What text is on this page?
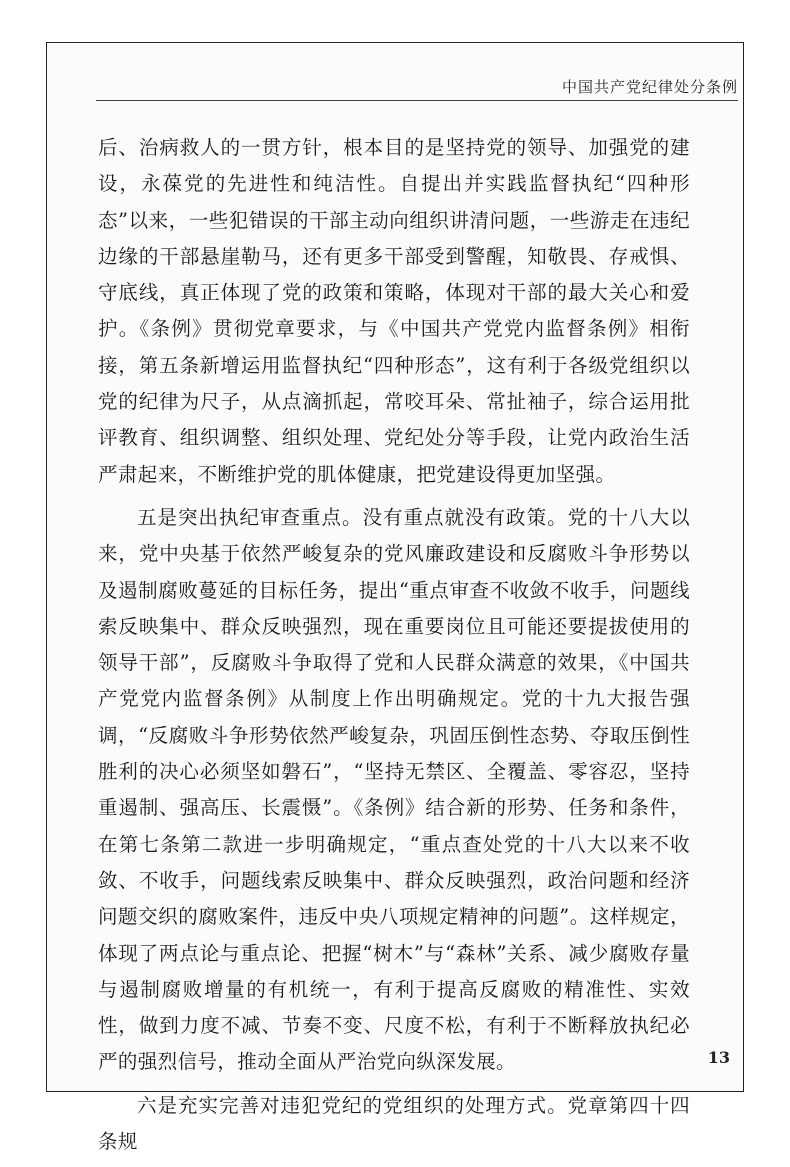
中国共产党纪律处分条例

后、治病救人的一贯方针，根本目的是坚持党的领导、加强党的建设，永葆党的先进性和纯洁性。自提出并实践监督执纪“四种形态”以来，一些犯错误的干部主动向组织讲清问题，一些游走在违纪边缘的干部悬崖勒马，还有更多干部受到警醒，知敬畏、存戒惧、守底线，真正体现了党的政策和策略，体现对干部的最大关心和爱护。《条例》贯彻党章要求，与《中国共产党党内监督条例》相衔接，第五条新增运用监督执纪“四种形态”，这有利于各级党组织以党的纪律为尺子，从点滴抓起，常咬耳朵、常扯袖子，综合运用批评教育、组织调整、组织处理、党纪处分等手段，让党内政治生活严肃起来，不断维护党的肌体健康，把党建设得更加坚强。

五是突出执纪审查重点。没有重点就没有政策。党的十八大以来，党中央基于依然严峻复杂的党风廉政建设和反腐败斗争形势以及遏制腐败蔓延的目标任务，提出“重点审查不收敛不收手，问题线索反映集中、群众反映强烈，现在重要岗位且可能还要提拔使用的领导干部”，反腐败斗争取得了党和人民群众满意的效果，《中国共产党党内监督条例》从制度上作出明确规定。党的十九大报告强调，“反腐败斗争形势依然严峻复杂，巩固压倒性态势、夺取压倒性胜利的决心必须坚如磐石”，“坚持无禁区、全覆盖、零容忍，坚持重遏制、强高压、长震慑”。《条例》结合新的形势、任务和条件，在第七条第二款进一步明确规定，“重点查处党的十八大以来不收敛、不收手，问题线索反映集中、群众反映强烈，政治问题和经济问题交织的腐败案件，违反中央八项规定精神的问题”。这样规定，体现了两点论与重点论、把握“树木”与“森林”关系、减少腐败存量与遏制腐败增量的有机统一，有利于提高反腐败的精准性、实效性，做到力度不减、节奏不变、尺度不松，有利于不断释放执纪必严的强烈信号，推动全面从严治党向纵深发展。

六是充实完善对违犯党纪的党组织的处理方式。党章第四十四条规

13
